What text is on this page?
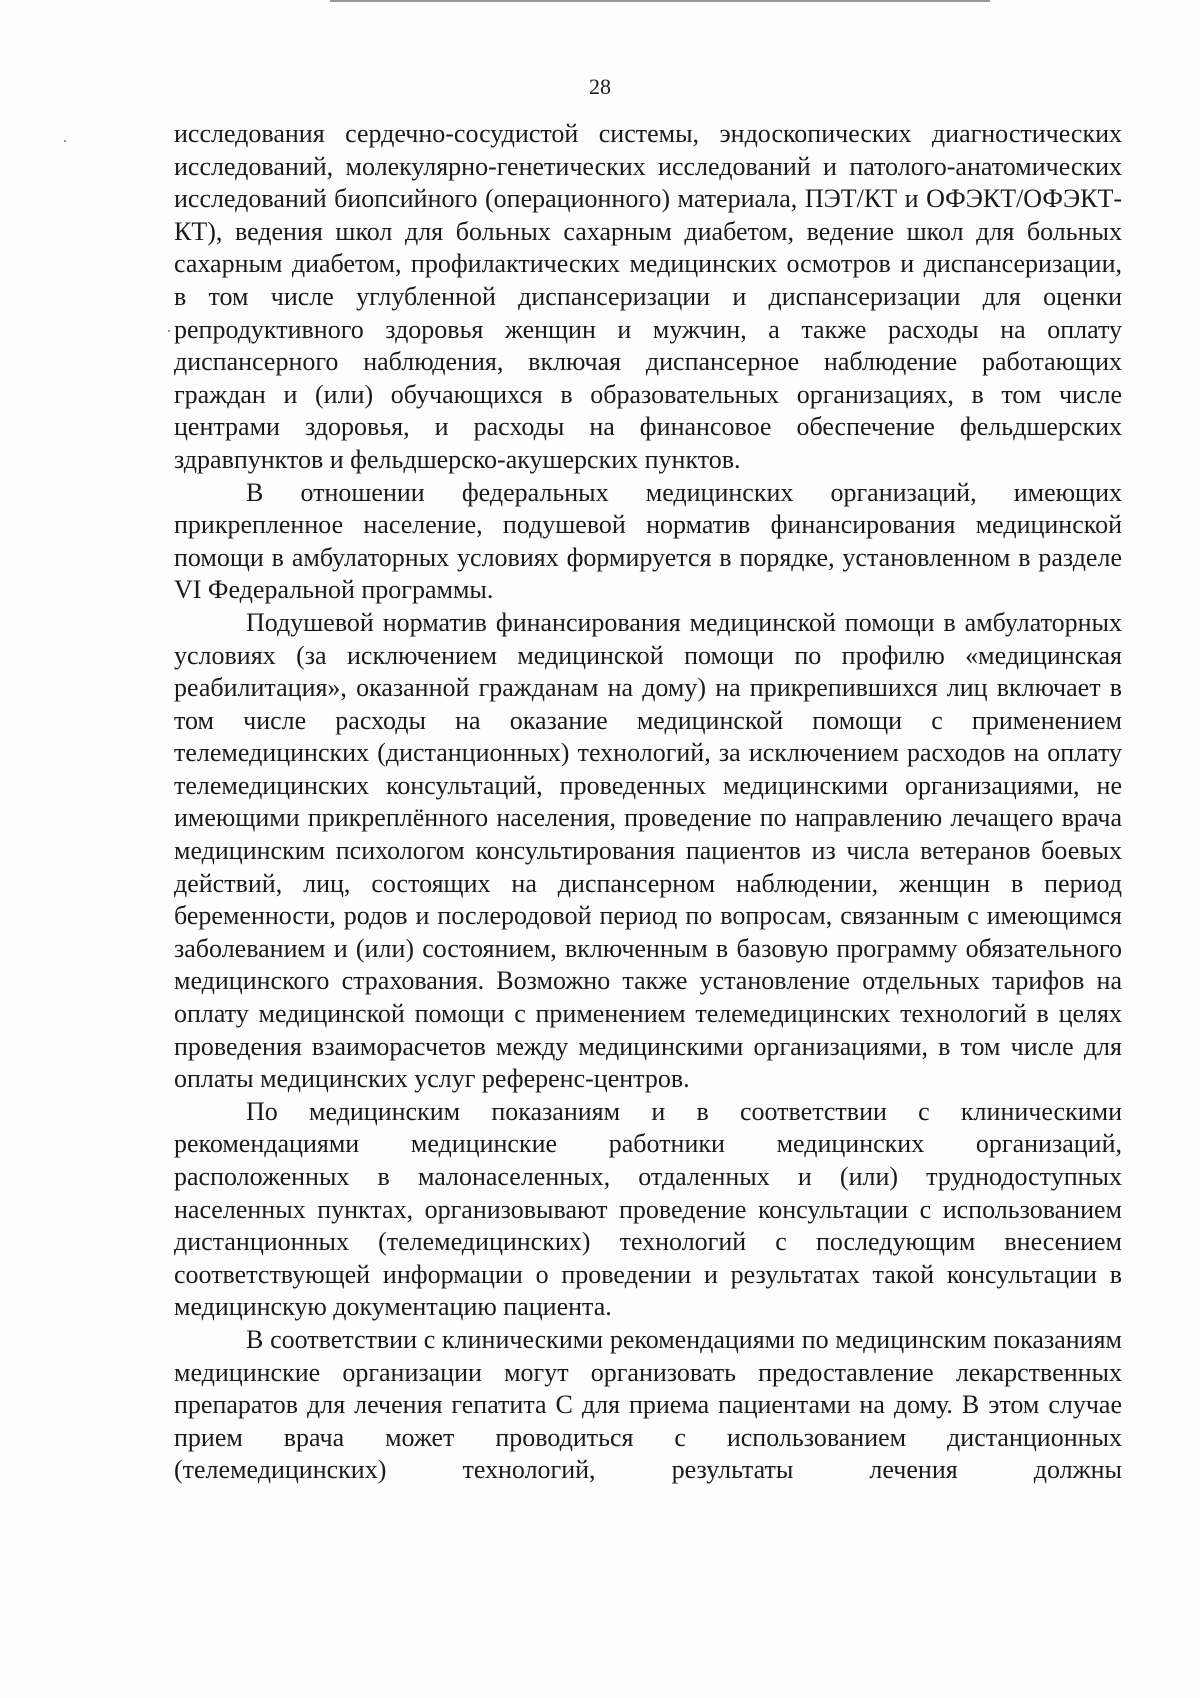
28

исследования сердечно-сосудистой системы, эндоскопических диагностических исследований, молекулярно-генетических исследований и патолого-анатомических исследований биопсийного (операционного) материала, ПЭТ/КТ и ОФЭКТ/ОФЭКТ-КТ), ведения школ для больных сахарным диабетом, ведение школ для больных сахарным диабетом, профилактических медицинских осмотров и диспансеризации, в том числе углубленной диспансеризации и диспансеризации для оценки репродуктивного здоровья женщин и мужчин, а также расходы на оплату диспансерного наблюдения, включая диспансерное наблюдение работающих граждан и (или) обучающихся в образовательных организациях, в том числе центрами здоровья, и расходы на финансовое обеспечение фельдшерских здравпунктов и фельдшерско-акушерских пунктов.

В отношении федеральных медицинских организаций, имеющих прикрепленное население, подушевой норматив финансирования медицинской помощи в амбулаторных условиях формируется в порядке, установленном в разделе VI Федеральной программы.

Подушевой норматив финансирования медицинской помощи в амбулаторных условиях (за исключением медицинской помощи по профилю «медицинская реабилитация», оказанной гражданам на дому) на прикрепившихся лиц включает в том числе расходы на оказание медицинской помощи с применением телемедицинских (дистанционных) технологий, за исключением расходов на оплату телемедицинских консультаций, проведенных медицинскими организациями, не имеющими прикреплённого населения, проведение по направлению лечащего врача медицинским психологом консультирования пациентов из числа ветеранов боевых действий, лиц, состоящих на диспансерном наблюдении, женщин в период беременности, родов и послеродовой период по вопросам, связанным с имеющимся заболеванием и (или) состоянием, включенным в базовую программу обязательного медицинского страхования. Возможно также установление отдельных тарифов на оплату медицинской помощи с применением телемедицинских технологий в целях проведения взаиморасчетов между медицинскими организациями, в том числе для оплаты медицинских услуг референс-центров.

По медицинским показаниям и в соответствии с клиническими рекомендациями медицинские работники медицинских организаций, расположенных в малонаселенных, отдаленных и (или) труднодоступных населенных пунктах, организовывают проведение консультации с использованием дистанционных (телемедицинских) технологий с последующим внесением соответствующей информации о проведении и результатах такой консультации в медицинскую документацию пациента.

В соответствии с клиническими рекомендациями по медицинским показаниям медицинские организации могут организовать предоставление лекарственных препаратов для лечения гепатита С для приема пациентами на дому. В этом случае прием врача может проводиться с использованием дистанционных (телемедицинских) технологий, результаты лечения должны
